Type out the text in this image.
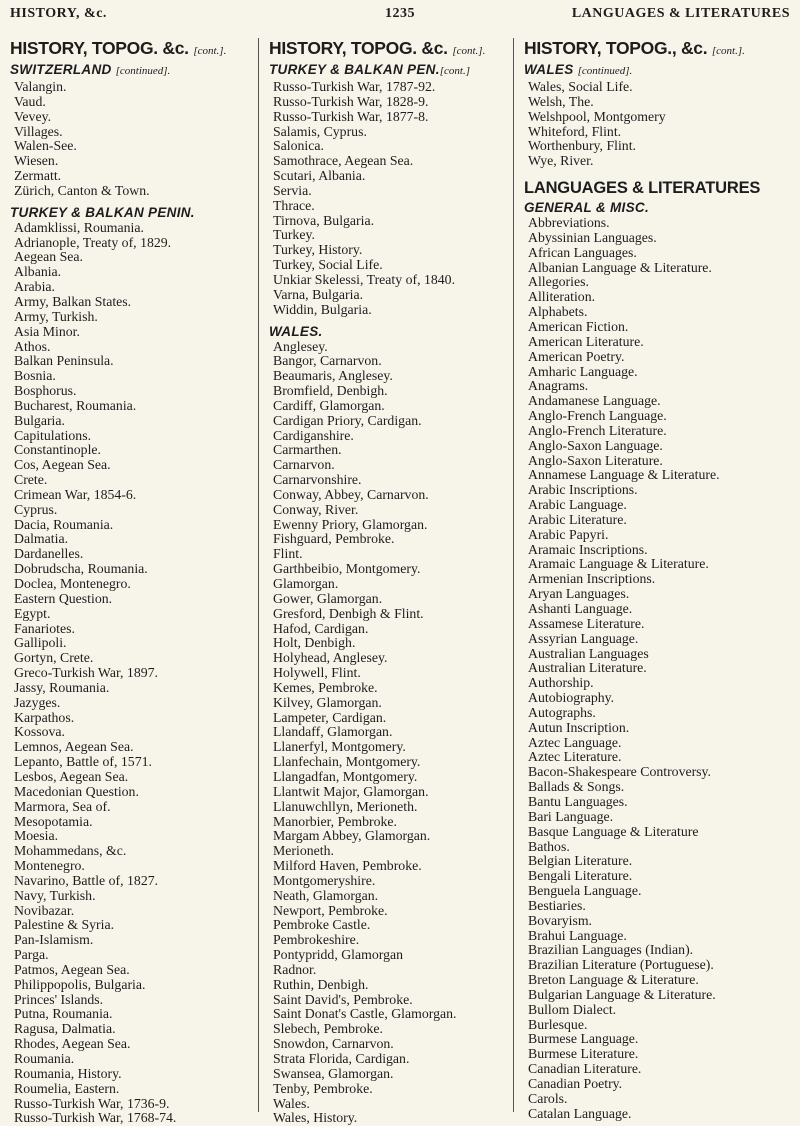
HISTORY, &c.	1235	LANGUAGES & LITERATURES
HISTORY, TOPOG. &c. [cont.].
SWITZERLAND [continued].
Valangin.
Vaud.
Vevey.
Villages.
Walen-See.
Wiesen.
Zermatt.
Zürich, Canton & Town.
TURKEY & BALKAN PENIN.
Adamklissi, Roumania.
Adrianople, Treaty of, 1829.
Aegean Sea.
Albania.
Arabia.
Army, Balkan States.
Army, Turkish.
Asia Minor.
Athos.
Balkan Peninsula.
Bosnia.
Bosphorus.
Bucharest, Roumania.
Bulgaria.
Capitulations.
Constantinople.
Cos, Aegean Sea.
Crete.
Crimean War, 1854-6.
Cyprus.
Dacia, Roumania.
Dalmatia.
Dardanelles.
Dobrudscha, Roumania.
Doclea, Montenegro.
Eastern Question.
Egypt.
Fanariotes.
Gallipoli.
Gortyn, Crete.
Greco-Turkish War, 1897.
Jassy, Roumania.
Jazyges.
Karpathos.
Kossova.
Lemnos, Aegean Sea.
Lepanto, Battle of, 1571.
Lesbos, Aegean Sea.
Macedonian Question.
Marmora, Sea of.
Mesopotamia.
Moesia.
Mohammedans, &c.
Montenegro.
Navarino, Battle of, 1827.
Navy, Turkish.
Novibazar.
Palestine & Syria.
Pan-Islamism.
Parga.
Patmos, Aegean Sea.
Philippopolis, Bulgaria.
Princes' Islands.
Putna, Roumania.
Ragusa, Dalmatia.
Rhodes, Aegean Sea.
Roumania.
Roumania, History.
Roumelia, Eastern.
Russo-Turkish War, 1736-9.
Russo-Turkish War, 1768-74.
HISTORY, TOPOG. &c. [cont.].
TURKEY & BALKAN PEN.[cont.]
Russo-Turkish War, 1787-92.
Russo-Turkish War, 1828-9.
Russo-Turkish War, 1877-8.
Salamis, Cyprus.
Salonica.
Samothrace, Aegean Sea.
Scutari, Albania.
Servia.
Thrace.
Tirnova, Bulgaria.
Turkey.
Turkey, History.
Turkey, Social Life.
Unkiar Skelessi, Treaty of, 1840.
Varna, Bulgaria.
Widdin, Bulgaria.
WALES.
Anglesey.
Bangor, Carnarvon.
Beaumaris, Anglesey.
Bromfield, Denbigh.
Cardiff, Glamorgan.
Cardigan Priory, Cardigan.
Cardiganshire.
Carmarthen.
Carnarvon.
Carnarvonshire.
Conway, Abbey, Carnarvon.
Conway, River.
Ewenny Priory, Glamorgan.
Fishguard, Pembroke.
Flint.
Garthbeibio, Montgomery.
Glamorgan.
Gower, Glamorgan.
Gresford, Denbigh & Flint.
Hafod, Cardigan.
Holt, Denbigh.
Holyhead, Anglesey.
Holywell, Flint.
Kemes, Pembroke.
Kilvey, Glamorgan.
Lampeter, Cardigan.
Llandaff, Glamorgan.
Llanerfyl, Montgomery.
Llanfechain, Montgomery.
Llangadfan, Montgomery.
Llantwit Major, Glamorgan.
Llanuwchllyn, Merioneth.
Manorbier, Pembroke.
Margam Abbey, Glamorgan.
Merioneth.
Milford Haven, Pembroke.
Montgomeryshire.
Neath, Glamorgan.
Newport, Pembroke.
Pembroke Castle.
Pembrokeshire.
Pontypridd, Glamorgan
Radnor.
Ruthin, Denbigh.
Saint David's, Pembroke.
Saint Donat's Castle, Glamorgan.
Slebech, Pembroke.
Snowdon, Carnarvon.
Strata Florida, Cardigan.
Swansea, Glamorgan.
Tenby, Pembroke.
Wales.
Wales, History.
HISTORY, TOPOG., &c. [cont.].
WALES [continued].
Wales, Social Life.
Welsh, The.
Welshpool, Montgomery
Whiteford, Flint.
Worthenbury, Flint.
Wye, River.
LANGUAGES & LITERATURES
GENERAL & MISC.
Abbreviations.
Abyssinian Languages.
African Languages.
Albanian Language & Literature.
Allegories.
Alliteration.
Alphabets.
American Fiction.
American Literature.
American Poetry.
Amharic Language.
Anagrams.
Andamanese Language.
Anglo-French Language.
Anglo-French Literature.
Anglo-Saxon Language.
Anglo-Saxon Literature.
Annamese Language & Literature.
Arabic Inscriptions.
Arabic Language.
Arabic Literature.
Arabic Papyri.
Aramaic Inscriptions.
Aramaic Language & Literature.
Armenian Inscriptions.
Aryan Languages.
Ashanti Language.
Assamese Literature.
Assyrian Language.
Australian Languages
Australian Literature.
Authorship.
Autobiography.
Autographs.
Autun Inscription.
Aztec Language.
Aztec Literature.
Bacon-Shakespeare Controversy.
Ballads & Songs.
Bantu Languages.
Bari Language.
Basque Language & Literature
Bathos.
Belgian Literature.
Bengali Literature.
Benguela Language.
Bestiaries.
Bovaryism.
Brahui Language.
Brazilian Languages (Indian).
Brazilian Literature (Portuguese).
Breton Language & Literature.
Bulgarian Language & Literature.
Bullom Dialect.
Burlesque.
Burmese Language.
Burmese Literature.
Canadian Literature.
Canadian Poetry.
Carols.
Catalan Language.
